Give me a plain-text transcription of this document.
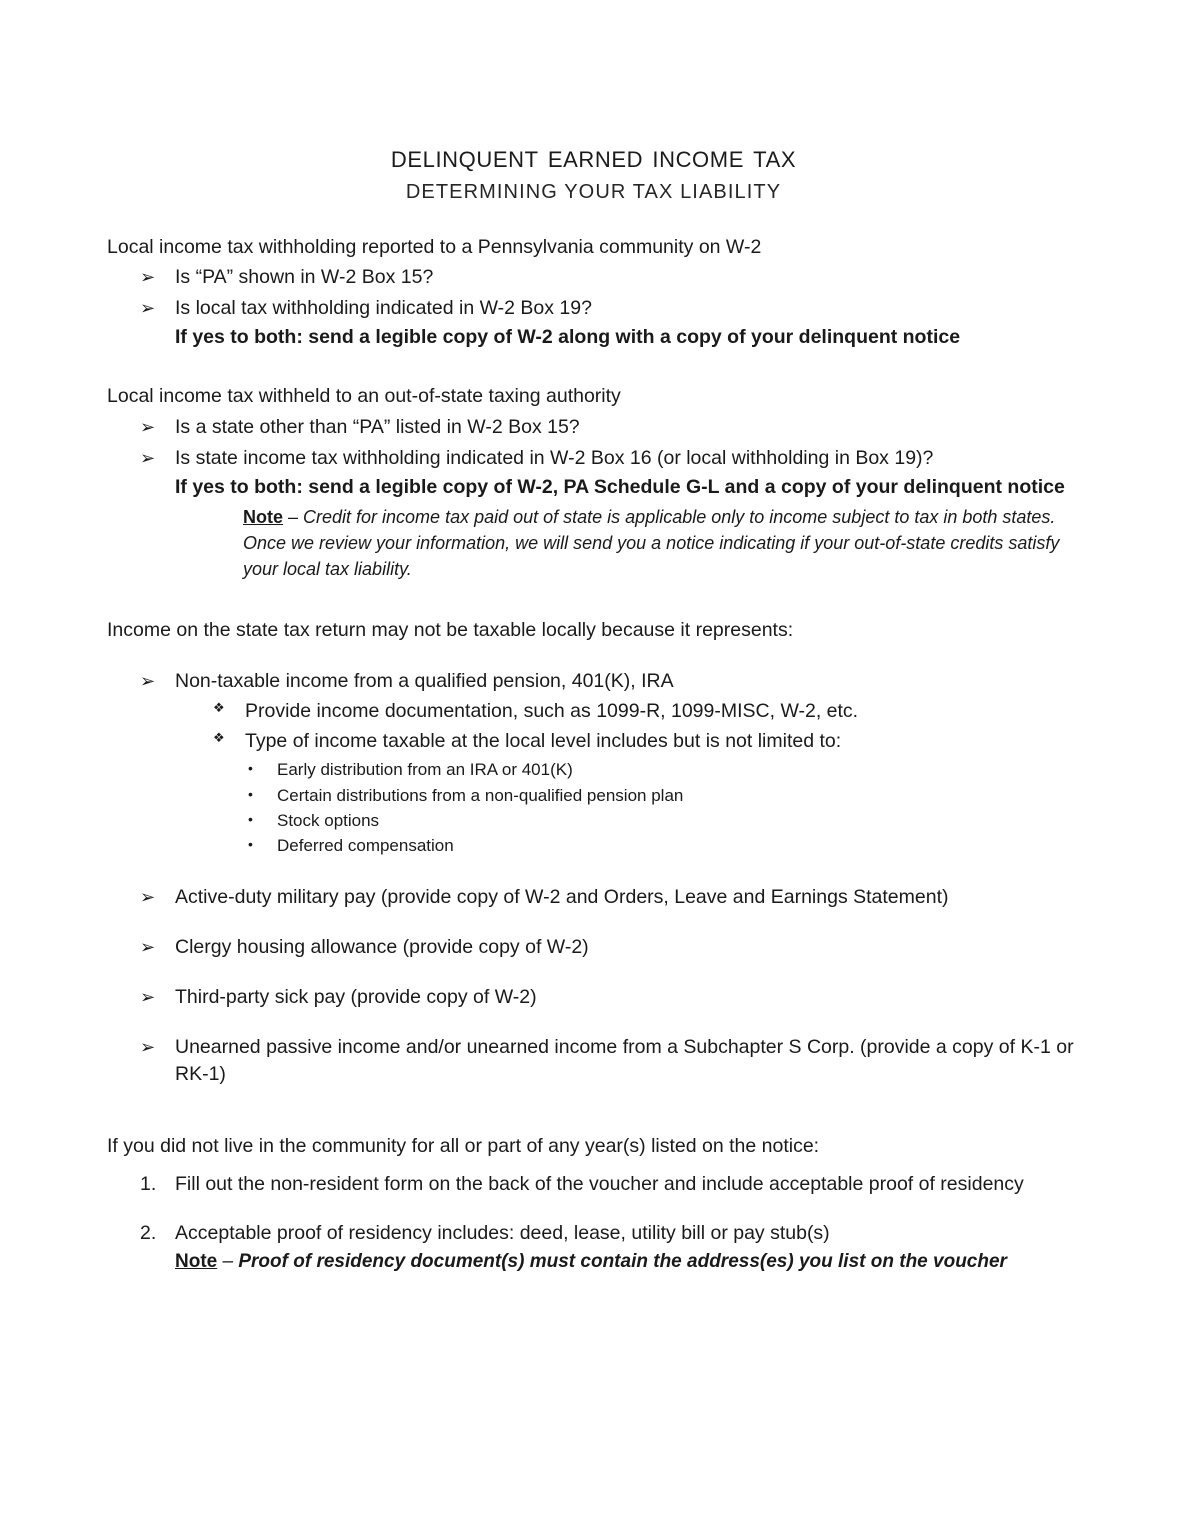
delinquent earned income tax
DETERMINING YOUR TAX LIABILITY

Local income tax withholding reported to a Pennsylvania community on W-2

➢ Is “PA” shown in W-2 Box 15?
➢ Is local tax withholding indicated in W-2 Box 19?
If yes to both: send a legible copy of W-2 along with a copy of your delinquent notice

Local income tax withheld to an out-of-state taxing authority

➢ Is a state other than “PA” listed in W-2 Box 15?
➢ Is state income tax withholding indicated in W-2 Box 16 (or local withholding in Box 19)?
If yes to both: send a legible copy of W-2, PA Schedule G-L and a copy of your delinquent notice
Note – Credit for income tax paid out of state is applicable only to income subject to tax in both states. Once we review your information, we will send you a notice indicating if your out-of-state credits satisfy your local tax liability.

Income on the state tax return may not be taxable locally because it represents:

➢ Non-taxable income from a qualified pension, 401(K), IRA
❖ Provide income documentation, such as 1099-R, 1099-MISC, W-2, etc.
❖ Type of income taxable at the local level includes but is not limited to:
• Early distribution from an IRA or 401(K)
• Certain distributions from a non-qualified pension plan
• Stock options
• Deferred compensation
➢ Active-duty military pay (provide copy of W-2 and Orders, Leave and Earnings Statement)
➢ Clergy housing allowance (provide copy of W-2)
➢ Third-party sick pay (provide copy of W-2)
➢ Unearned passive income and/or unearned income from a Subchapter S Corp. (provide a copy of K-1 or RK-1)

If you did not live in the community for all or part of any year(s) listed on the notice:

1. Fill out the non-resident form on the back of the voucher and include acceptable proof of residency
2. Acceptable proof of residency includes: deed, lease, utility bill or pay stub(s)
Note – Proof of residency document(s) must contain the address(es) you list on the voucher
